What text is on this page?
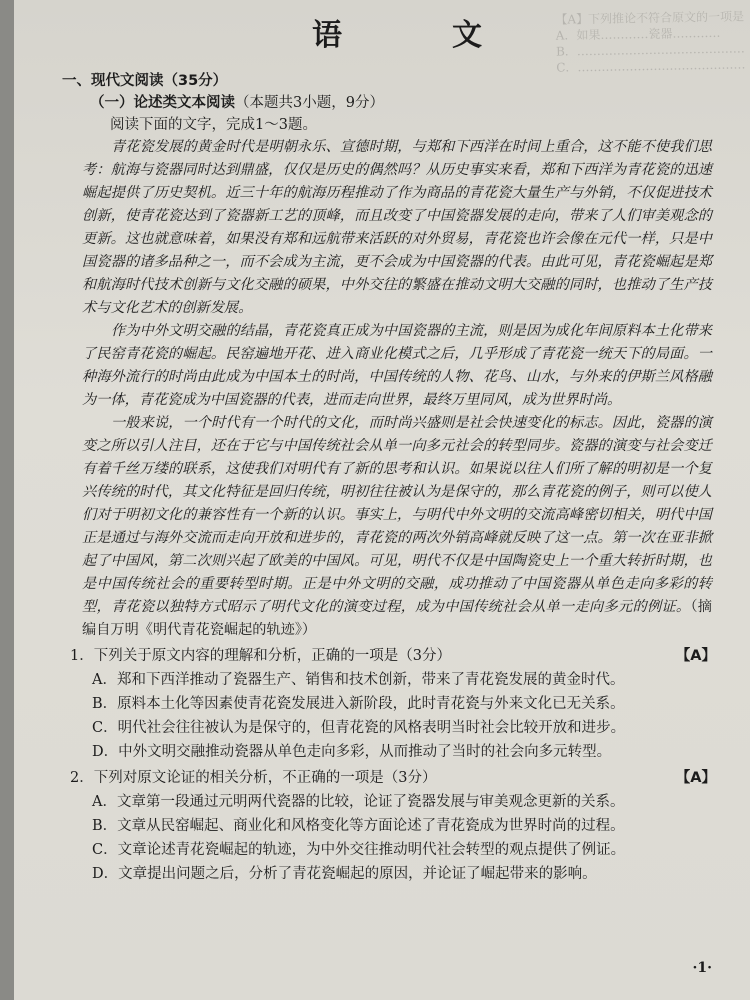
【A】下列推论不符合原文的一项是
A．如果…………瓷器…………
B．……………………………………
C．……………………………………
语　文
一、现代文阅读（35分）
（一）论述类文本阅读（本题共3小题，9分）
阅读下面的文字，完成1～3题。

青花瓷发展的黄金时代是明朝永乐、宣德时期，与郑和下西洋在时间上重合，这不能不使我们思考：航海与瓷器同时达到鼎盛，仅仅是历史的偶然吗？从历史事实来看，郑和下西洋为青花瓷的迅速崛起提供了历史契机。近三十年的航海历程推动了作为商品的青花瓷大量生产与外销，不仅促进技术创新，使青花瓷达到了瓷器新工艺的顶峰，而且改变了中国瓷器发展的走向，带来了人们审美观念的更新。这也就意味着，如果没有郑和远航带来活跃的对外贸易，青花瓷也许会像在元代一样，只是中国瓷器的诸多品种之一，而不会成为主流，更不会成为中国瓷器的代表。由此可见，青花瓷崛起是郑和航海时代技术创新与文化交融的硕果，中外交往的繁盛在推动文明大交融的同时，也推动了生产技术与文化艺术的创新发展。

作为中外文明交融的结晶，青花瓷真正成为中国瓷器的主流，则是因为成化年间原料本土化带来了民窑青花瓷的崛起。民窑遍地开花、进入商业化模式之后，几乎形成了青花瓷一统天下的局面。一种海外流行的时尚由此成为中国本土的时尚，中国传统的人物、花鸟、山水，与外来的伊斯兰风格融为一体，青花瓷成为中国瓷器的代表，进而走向世界，最终万里同风，成为世界时尚。

一般来说，一个时代有一个时代的文化，而时尚兴盛则是社会快速变化的标志。因此，瓷器的演变之所以引人注目，还在于它与中国传统社会从单一向多元社会的转型同步。瓷器的演变与社会变迁有着千丝万缕的联系，这使我们对明代有了新的思考和认识。如果说以往人们所了解的明初是一个复兴传统的时代，其文化特征是回归传统，明初往往被认为是保守的，那么青花瓷的例子，则可以使人们对于明初文化的兼容性有一个新的认识。事实上，与明代中外文明的交流高峰密切相关，明代中国正是通过与海外交流而走向开放和进步的，青花瓷的两次外销高峰就反映了这一点。第一次在亚非掀起了中国风，第二次则兴起了欧美的中国风。可见，明代不仅是中国陶瓷史上一个重大转折时期，也是中国传统社会的重要转型时期。正是中外文明的交融，成功推动了中国瓷器从单色走向多彩的转型，青花瓷以独特方式昭示了明代文化的演变过程，成为中国传统社会从单一走向多元的例证。（摘编自万明《明代青花瓷崛起的轨迹》）

1．下列关于原文内容的理解和分析，正确的一项是（3分）	【A】
A．郑和下西洋推动了瓷器生产、销售和技术创新，带来了青花瓷发展的黄金时代。
B．原料本土化等因素使青花瓷发展进入新阶段，此时青花瓷与外来文化已无关系。
C．明代社会往往被认为是保守的，但青花瓷的风格表明当时社会比较开放和进步。
D．中外文明交融推动瓷器从单色走向多彩，从而推动了当时的社会向多元转型。
2．下列对原文论证的相关分析，不正确的一项是（3分）	【A】
A．文章第一段通过元明两代瓷器的比较，论证了瓷器发展与审美观念更新的关系。
B．文章从民窑崛起、商业化和风格变化等方面论述了青花瓷成为世界时尚的过程。
C．文章论述青花瓷崛起的轨迹，为中外交往推动明代社会转型的观点提供了例证。
D．文章提出问题之后，分析了青花瓷崛起的原因，并论证了崛起带来的影响。
·1·
